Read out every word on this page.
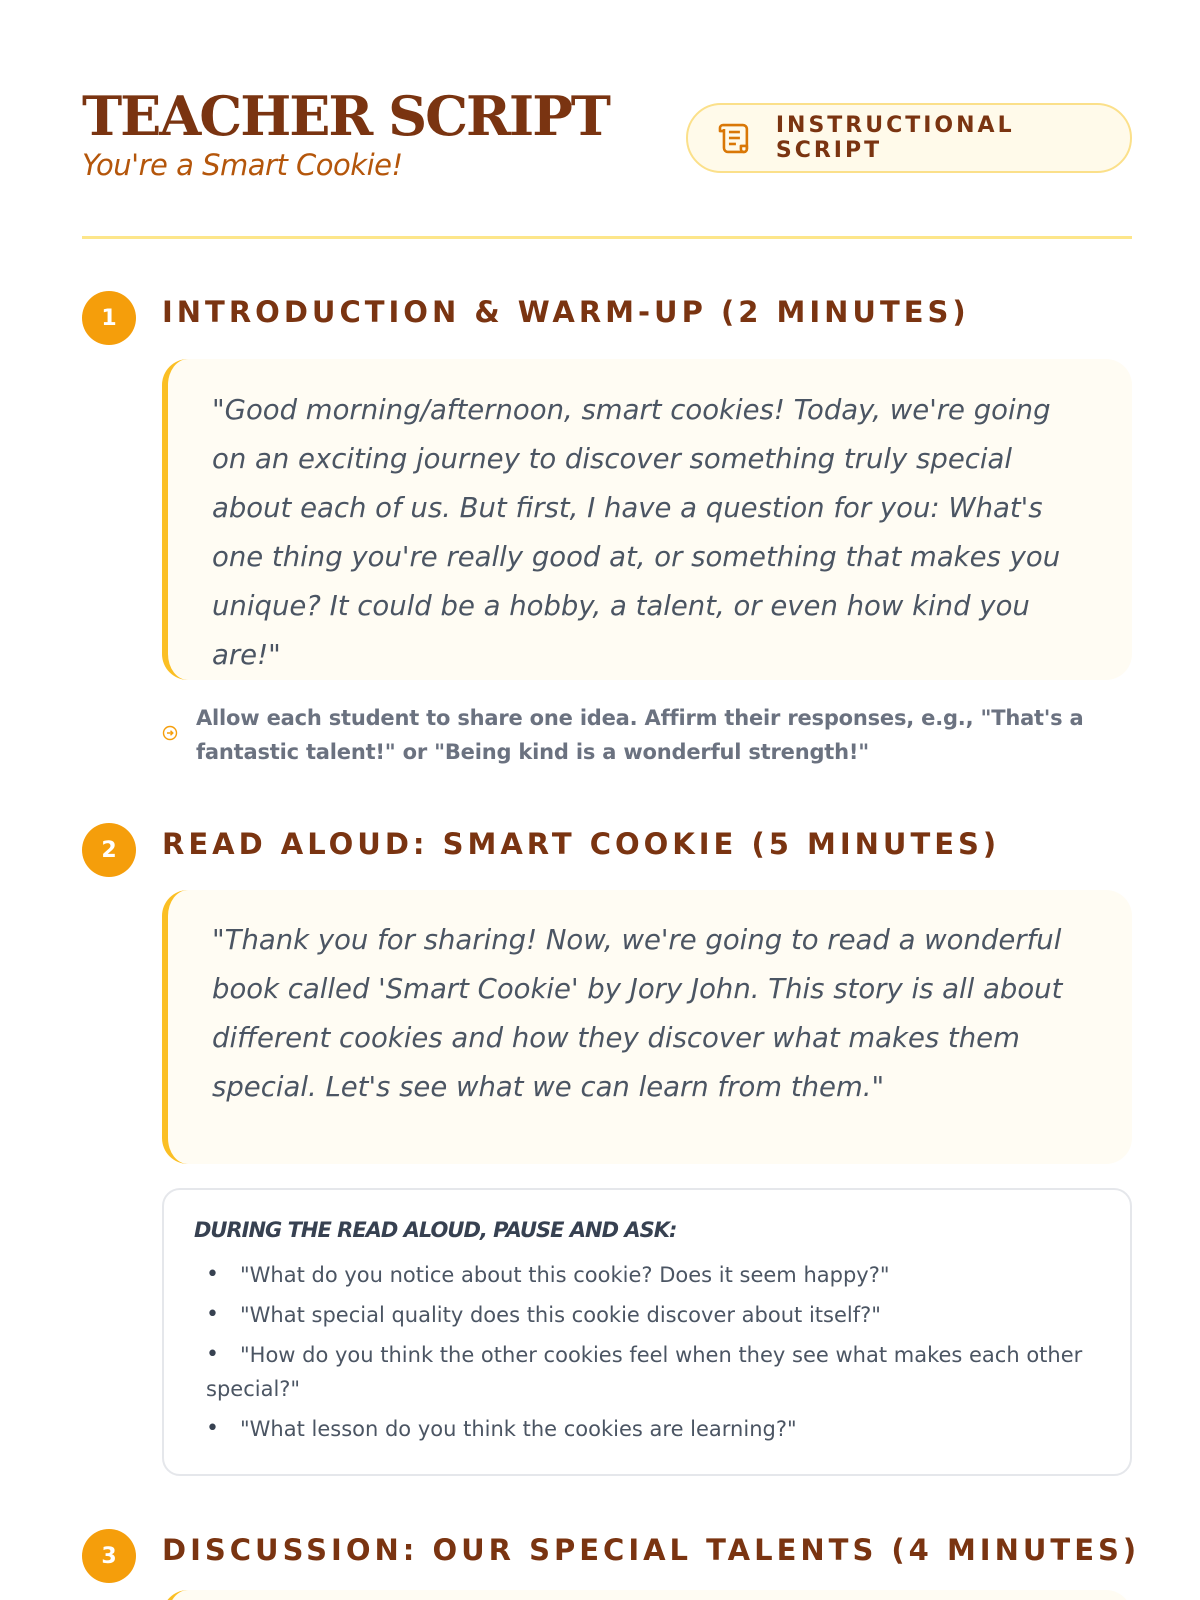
TEACHER SCRIPT
You're a Smart Cookie!
INSTRUCTIONAL SCRIPT
1	INTRODUCTION & WARM-UP (2 MINUTES)

"Good morning/afternoon, smart cookies! Today, we're going on an exciting journey to discover something truly special about each of us. But first, I have a question for you: What's one thing you're really good at, or something that makes you unique? It could be a hobby, a talent, or even how kind you are!"

Allow each student to share one idea. Affirm their responses, e.g., "That's a fantastic talent!" or "Being kind is a wonderful strength!"
2	READ ALOUD: SMART COOKIE (5 MINUTES)

"Thank you for sharing! Now, we're going to read a wonderful book called 'Smart Cookie' by Jory John. This story is all about different cookies and how they discover what makes them special. Let's see what we can learn from them."

DURING THE READ ALOUD, PAUSE AND ASK:
• "What do you notice about this cookie? Does it seem happy?"
• "What special quality does this cookie discover about itself?"
• "How do you think the other cookies feel when they see what makes each other special?"
• "What lesson do you think the cookies are learning?"
3	DISCUSSION: OUR SPECIAL TALENTS (4 MINUTES)
